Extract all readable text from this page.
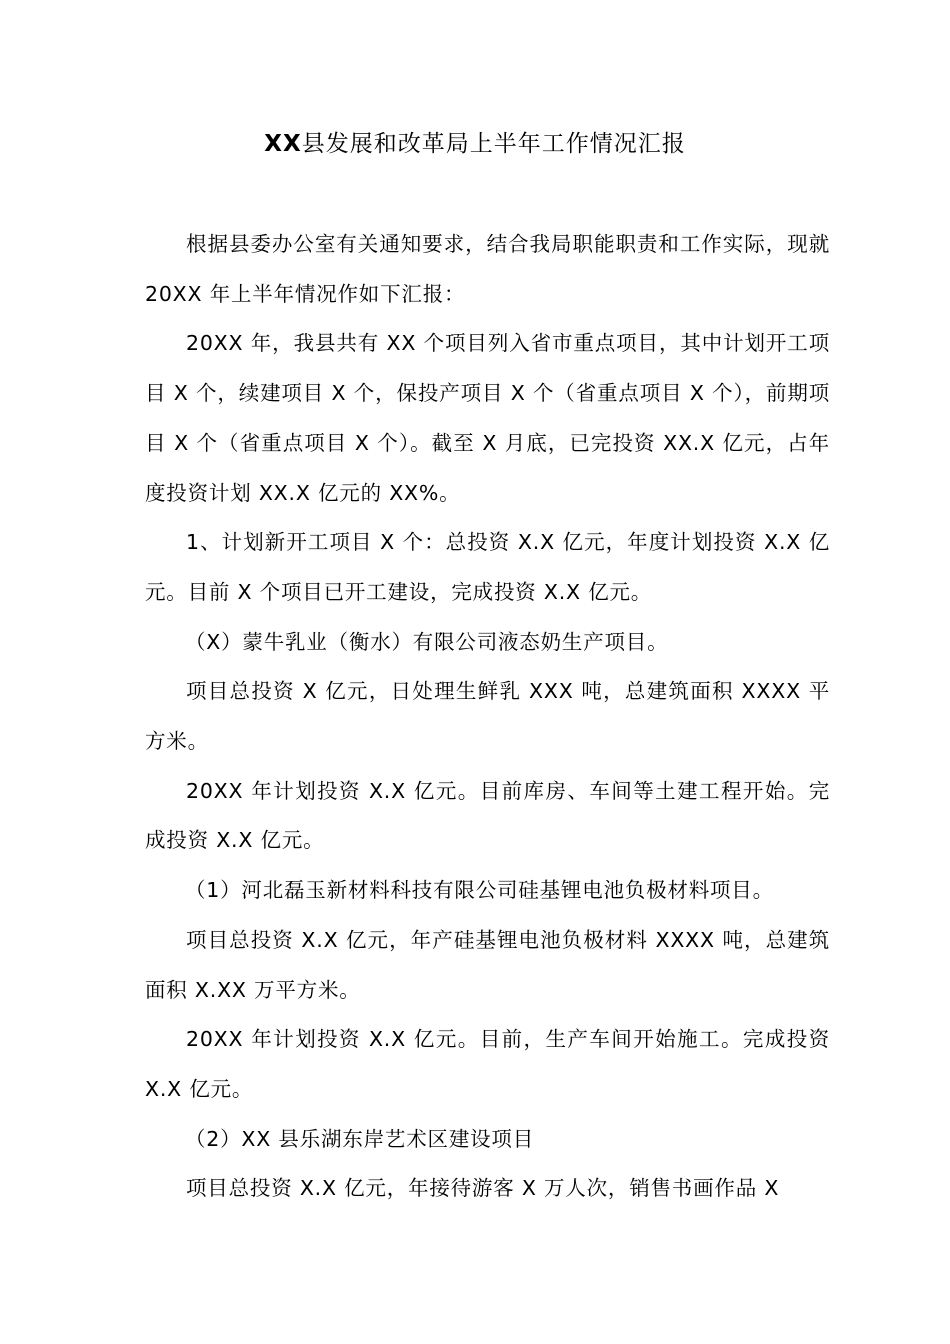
XX县发展和改革局上半年工作情况汇报

根据县委办公室有关通知要求，结合我局职能职责和工作实际，现就 20XX 年上半年情况作如下汇报：

20XX 年，我县共有 XX 个项目列入省市重点项目，其中计划开工项目 X 个，续建项目 X 个，保投产项目 X 个（省重点项目 X 个），前期项目 X 个（省重点项目 X 个）。截至 X 月底，已完投资 XX.X 亿元，占年度投资计划 XX.X 亿元的 XX%。

1、计划新开工项目 X 个：总投资 X.X 亿元，年度计划投资 X.X 亿元。目前 X 个项目已开工建设，完成投资 X.X 亿元。

（X）蒙牛乳业（衡水）有限公司液态奶生产项目。

项目总投资 X 亿元，日处理生鲜乳 XXX 吨，总建筑面积 XXXX 平方米。

20XX 年计划投资 X.X 亿元。目前库房、车间等土建工程开始。完成投资 X.X 亿元。

（1）河北磊玉新材料科技有限公司硅基锂电池负极材料项目。

项目总投资 X.X 亿元，年产硅基锂电池负极材料 XXXX 吨，总建筑面积 X.XX 万平方米。

20XX 年计划投资 X.X 亿元。目前，生产车间开始施工。完成投资 X.X 亿元。

（2）XX 县乐湖东岸艺术区建设项目

项目总投资 X.X 亿元，年接待游客 X 万人次，销售书画作品 X
